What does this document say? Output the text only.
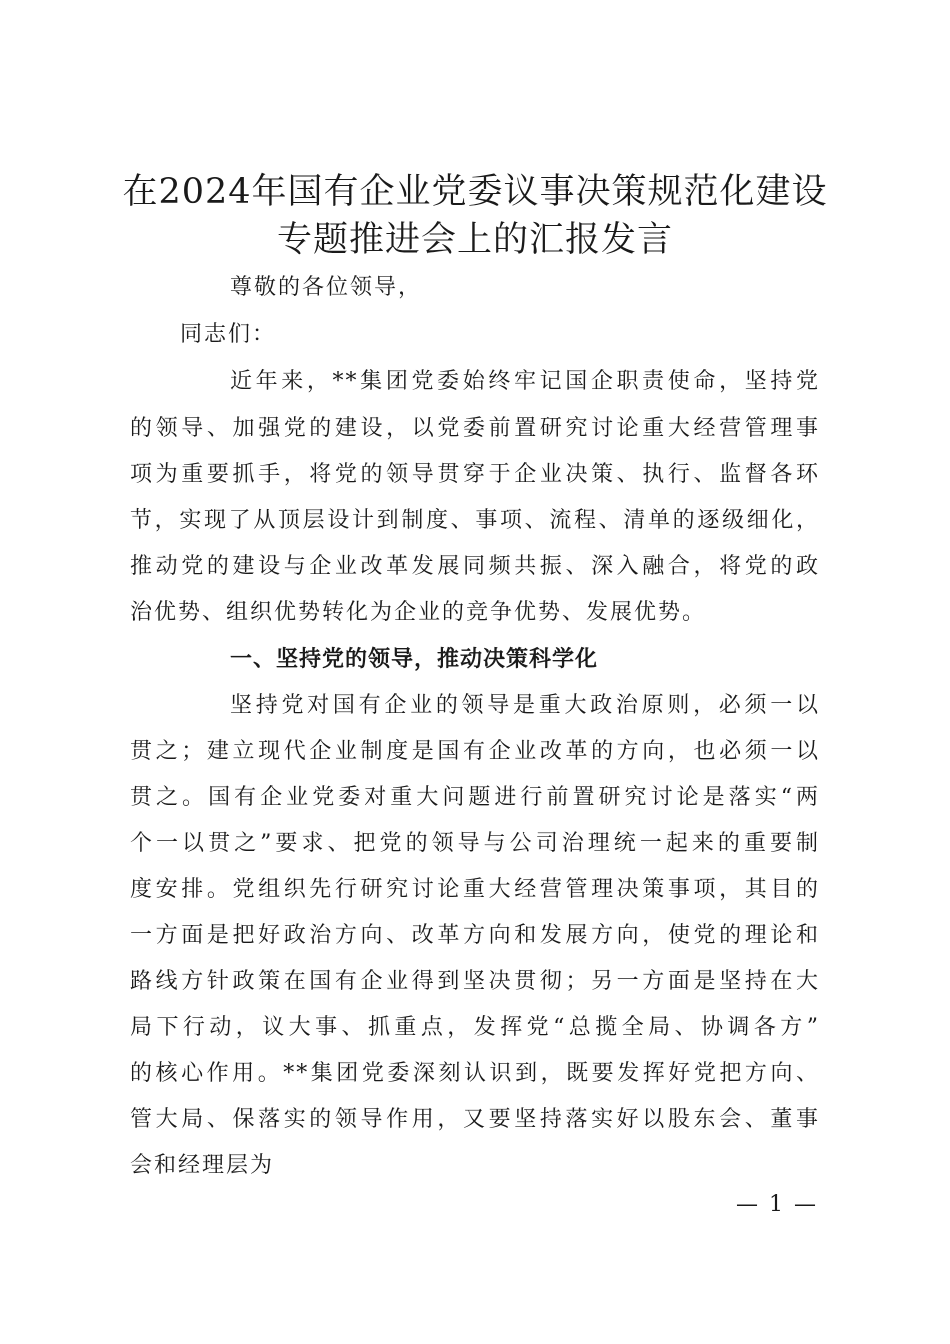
在2024年国有企业党委议事决策规范化建设
专题推进会上的汇报发言
尊敬的各位领导，
同志们：
近年来，**集团党委始终牢记国企职责使命，坚持党
的领导、加强党的建设，以党委前置研究讨论重大经营管理事
项为重要抓手，将党的领导贯穿于企业决策、执行、监督各环
节，实现了从顶层设计到制度、事项、流程、清单的逐级细化，
推动党的建设与企业改革发展同频共振、深入融合，将党的政
治优势、组织优势转化为企业的竞争优势、发展优势。
一、坚持党的领导，推动决策科学化
坚持党对国有企业的领导是重大政治原则，必须一以
贯之；建立现代企业制度是国有企业改革的方向，也必须一以
贯之。国有企业党委对重大问题进行前置研究讨论是落实“两
个一以贯之”要求、把党的领导与公司治理统一起来的重要制
度安排。党组织先行研究讨论重大经营管理决策事项，其目的
一方面是把好政治方向、改革方向和发展方向，使党的理论和
路线方针政策在国有企业得到坚决贯彻；另一方面是坚持在大
局下行动，议大事、抓重点，发挥党“总揽全局、协调各方”
的核心作用。**集团党委深刻认识到，既要发挥好党把方向、
管大局、保落实的领导作用，又要坚持落实好以股东会、董事
会和经理层为
— 1 —
